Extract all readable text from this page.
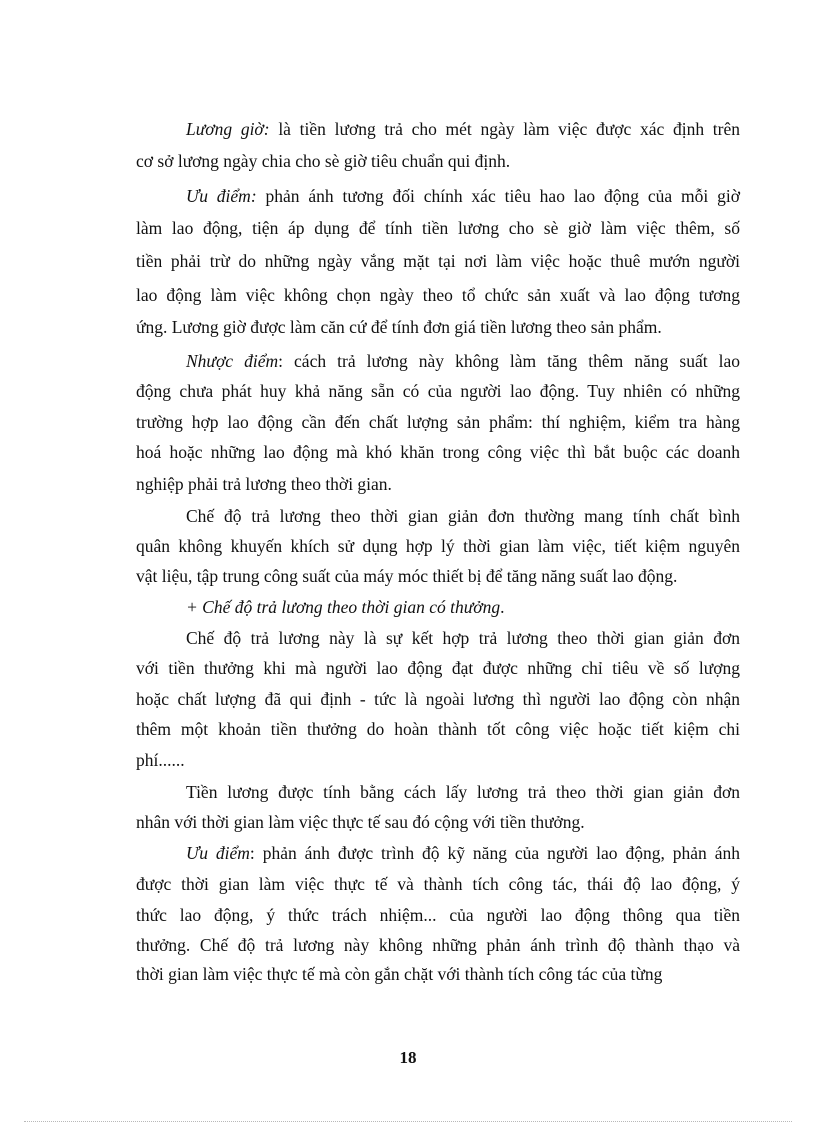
Lương giờ: là tiền lương trả cho mét ngày làm việc được xác định trên
cơ sở lương ngày chia cho sè giờ tiêu chuẩn qui định.
Ưu điểm: phản ánh tương đối chính xác tiêu hao lao động của mỗi giờ
làm lao động, tiện áp dụng để tính tiền lương cho sè giờ làm việc thêm, số
tiền phải trừ do những ngày vắng mặt tại nơi làm việc hoặc thuê mướn người
lao động làm việc không chọn ngày theo tổ chức sản xuất và lao động tương
ứng. Lương giờ được làm căn cứ để tính đơn giá tiền lương theo sản phẩm.
Nhược điểm: cách trả lương này không làm tăng thêm năng suất lao
động chưa phát huy khả năng sẵn có của người lao động. Tuy nhiên có những
trường hợp lao động cần đến chất lượng sản phẩm: thí nghiệm, kiểm tra hàng
hoá hoặc những lao động mà khó khăn trong công việc thì bắt buộc các doanh
nghiệp phải trả lương theo thời gian.
Chế độ trả lương theo thời gian giản đơn thường mang tính chất bình
quân không khuyến khích sử dụng hợp lý thời gian làm việc, tiết kiệm nguyên
vật liệu, tập trung công suất của máy móc thiết bị để tăng năng suất lao động.
+ Chế độ trả lương theo thời gian có thưởng.
Chế độ trả lương này là sự kết hợp trả lương theo thời gian giản đơn
với tiền thưởng khi mà người lao động đạt được những chỉ tiêu về số lượng
hoặc chất lượng đã qui định - tức là ngoài lương thì người lao động còn nhận
thêm một khoản tiền thưởng do hoàn thành tốt công việc hoặc tiết kiệm chi
phí......
Tiền lương được tính bằng cách lấy lương trả theo thời gian giản đơn
nhân với thời gian làm việc thực tế sau đó cộng với tiền thưởng.
Ưu điểm: phản ánh được trình độ kỹ năng của người lao động, phản ánh
được thời gian làm việc thực tế và thành tích công tác, thái độ lao động, ý
thức lao động, ý thức trách nhiệm... của người lao động thông qua tiền
thưởng. Chế độ trả lương này không những phản ánh trình độ thành thạo và
thời gian làm việc thực tế mà còn gắn chặt với thành tích công tác của từng
18
